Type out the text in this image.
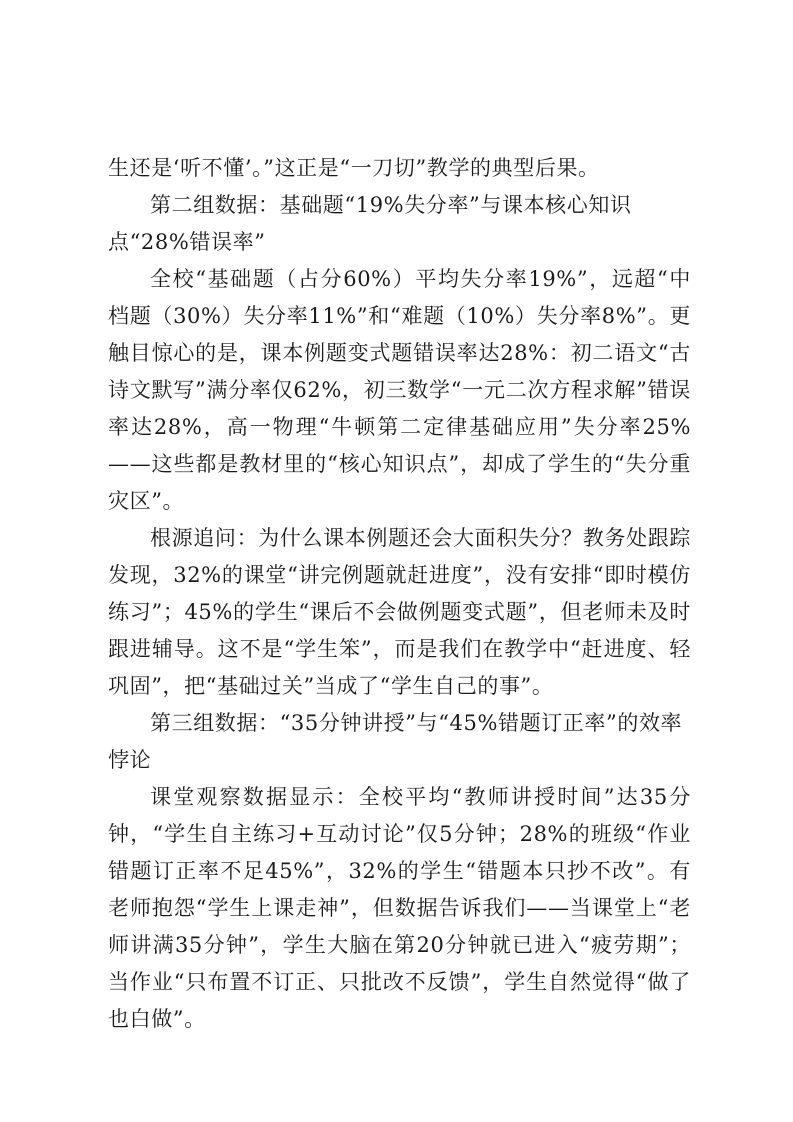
生还是‘听不懂’。”这正是“一刀切”教学的典型后果。

第二组数据：基础题“19%失分率”与课本核心知识点“28%错误率”

全校“基础题（占分60%）平均失分率19%”，远超“中档题（30%）失分率11%”和“难题（10%）失分率8%”。更触目惊心的是，课本例题变式题错误率达28%：初二语文“古诗文默写”满分率仅62%，初三数学“一元二次方程求解”错误率达28%，高一物理“牛顿第二定律基础应用”失分率25%——这些都是教材里的“核心知识点”，却成了学生的“失分重灾区”。

根源追问：为什么课本例题还会大面积失分？教务处跟踪发现，32%的课堂“讲完例题就赶进度”，没有安排“即时模仿练习”；45%的学生“课后不会做例题变式题”，但老师未及时跟进辅导。这不是“学生笨”，而是我们在教学中“赶进度、轻巩固”，把“基础过关”当成了“学生自己的事”。

第三组数据：“35分钟讲授”与“45%错题订正率”的效率悖论

课堂观察数据显示：全校平均“教师讲授时间”达35分钟，“学生自主练习+互动讨论”仅5分钟；28%的班级“作业错题订正率不足45%”，32%的学生“错题本只抄不改”。有老师抱怨“学生上课走神”，但数据告诉我们——当课堂上“老师讲满35分钟”，学生大脑在第20分钟就已进入“疲劳期”；当作业“只布置不订正、只批改不反馈”，学生自然觉得“做了也白做”。
